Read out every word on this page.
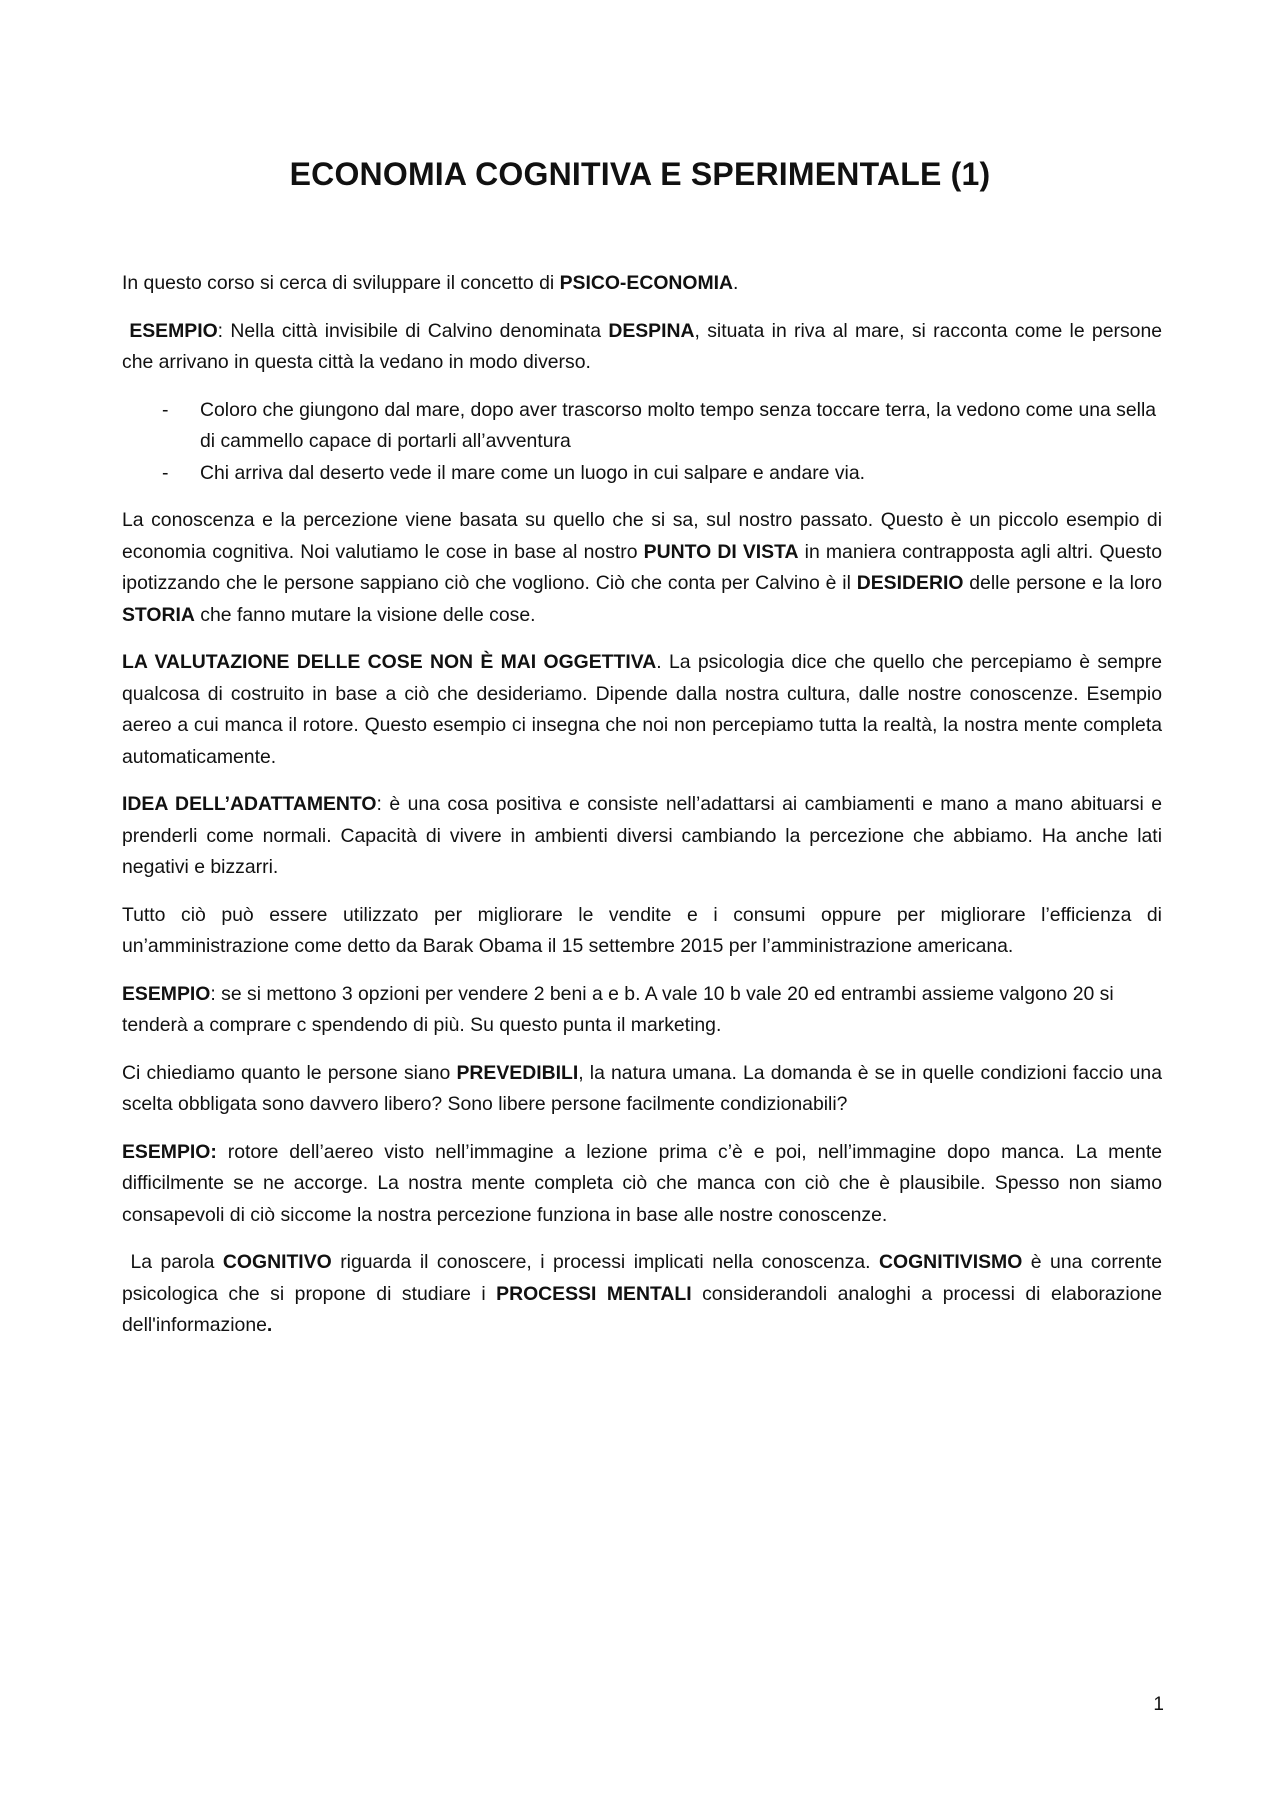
ECONOMIA COGNITIVA E SPERIMENTALE (1)

In questo corso si cerca di sviluppare il concetto di PSICO-ECONOMIA.

ESEMPIO: Nella città invisibile di Calvino denominata DESPINA, situata in riva al mare, si racconta come le persone che arrivano in questa città la vedano in modo diverso.

- Coloro che giungono dal mare, dopo aver trascorso molto tempo senza toccare terra, la vedono come una sella di cammello capace di portarli all’avventura
- Chi arriva dal deserto vede il mare come un luogo in cui salpare e andare via.

La conoscenza e la percezione viene basata su quello che si sa, sul nostro passato. Questo è un piccolo esempio di economia cognitiva. Noi valutiamo le cose in base al nostro PUNTO DI VISTA in maniera contrapposta agli altri. Questo ipotizzando che le persone sappiano ciò che vogliono. Ciò che conta per Calvino è il DESIDERIO delle persone e la loro STORIA che fanno mutare la visione delle cose.

LA VALUTAZIONE DELLE COSE NON È MAI OGGETTIVA. La psicologia dice che quello che percepiamo è sempre qualcosa di costruito in base a ciò che desideriamo. Dipende dalla nostra cultura, dalle nostre conoscenze. Esempio aereo a cui manca il rotore. Questo esempio ci insegna che noi non percepiamo tutta la realtà, la nostra mente completa automaticamente.

IDEA DELL’ADATTAMENTO: è una cosa positiva e consiste nell’adattarsi ai cambiamenti e mano a mano abituarsi e prenderli come normali. Capacità di vivere in ambienti diversi cambiando la percezione che abbiamo. Ha anche lati negativi e bizzarri.

Tutto ciò può essere utilizzato per migliorare le vendite e i consumi oppure per migliorare l’efficienza di un’amministrazione come detto da Barak Obama il 15 settembre 2015 per l’amministrazione americana.

ESEMPIO: se si mettono 3 opzioni per vendere 2 beni a e b. A vale 10 b vale 20 ed entrambi assieme valgono 20 si tenderà a comprare c spendendo di più. Su questo punta il marketing.

Ci chiediamo quanto le persone siano PREVEDIBILI, la natura umana. La domanda è se in quelle condizioni faccio una scelta obbligata sono davvero libero? Sono libere persone facilmente condizionabili?

ESEMPIO: rotore dell’aereo visto nell’immagine a lezione prima c’è e poi, nell’immagine dopo manca. La mente difficilmente se ne accorge. La nostra mente completa ciò che manca con ciò che è plausibile. Spesso non siamo consapevoli di ciò siccome la nostra percezione funziona in base alle nostre conoscenze.

La parola COGNITIVO riguarda il conoscere, i processi implicati nella conoscenza. COGNITIVISMO è una corrente psicologica che si propone di studiare i PROCESSI MENTALI considerandoli analoghi a processi di elaborazione dell'informazione.

1
